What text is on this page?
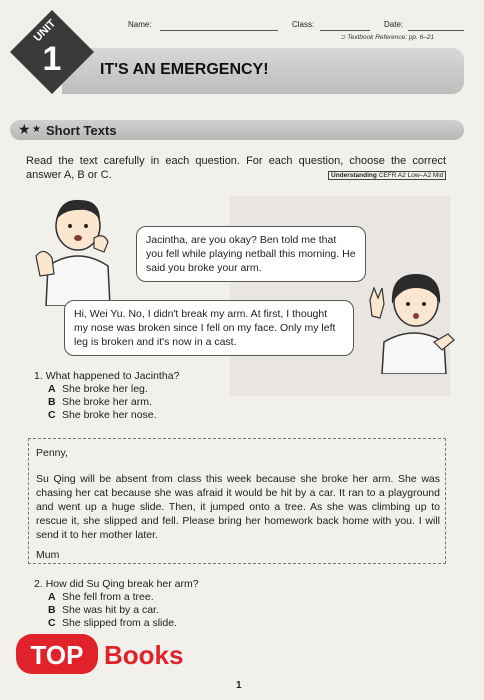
Name:	Class:	Date:
⊃ Textbook Reference: pp. 6–21
UNIT
1 IT'S AN EMERGENCY!
★ ★ Short Texts
Read the text carefully in each question. For each question, choose the correct answer A, B or C.	Understanding CEFR A2 Low–A2 Mid
Jacintha, are you okay? Ben told me that you fell while playing netball this morning. He said you broke your arm.
Hi, Wei Yu. No, I didn't break my arm. At first, I thought my nose was broken since I fell on my face. Only my left leg is broken and it's now in a cast.
1. What happened to Jacintha?
A She broke her leg.
B She broke her arm.
C She broke her nose.
Penny,
Su Qing will be absent from class this week because she broke her arm. She was chasing her cat because she was afraid it would be hit by a car. It ran to a playground and went up a huge slide. Then, it jumped onto a tree. As she was climbing up to rescue it, she slipped and fell. Please bring her homework back home with you. I will send it to her mother later.
Mum
2. How did Su Qing break her arm?
A She fell from a tree.
B She was hit by a car.
C She slipped from a slide.
TOP Books
1
